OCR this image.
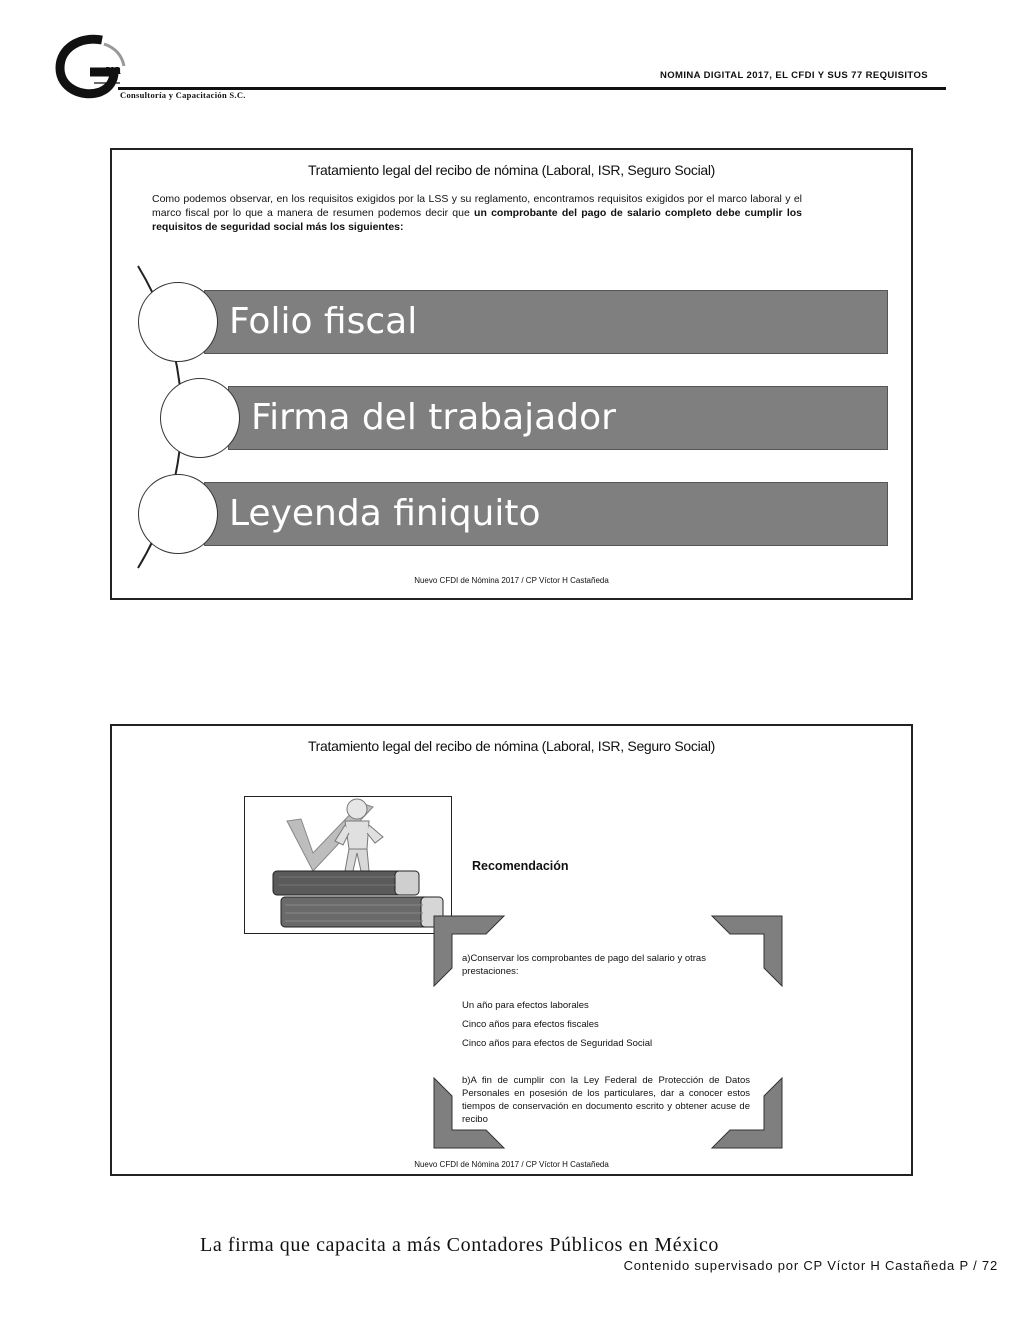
va
Consultoría y Capacitación S.C.
NOMINA DIGITAL 2017, EL CFDI Y SUS 77 REQUISITOS
Tratamiento legal del recibo de nómina (Laboral, ISR, Seguro Social)
Como podemos observar, en los requisitos exigidos por la LSS y su reglamento, encontramos requisitos exigidos por el marco laboral y el marco fiscal por lo que a manera de resumen podemos decir que un comprobante del pago de salario completo debe cumplir los requisitos de seguridad social más los siguientes:
Folio fiscal
Firma del trabajador
Leyenda finiquito
Nuevo CFDI de Nómina 2017 / CP Víctor H Castañeda
Tratamiento legal del recibo de nómina (Laboral, ISR, Seguro Social)
Recomendación
a)Conservar los comprobantes de pago del salario y otras prestaciones:
Un año para efectos laborales
Cinco años para efectos fiscales
Cinco años para efectos de Seguridad Social
b)A fin de cumplir con la Ley Federal de Protección de Datos Personales en posesión de los particulares, dar a conocer estos tiempos de conservación en documento escrito y obtener acuse de recibo
Nuevo CFDI de Nómina 2017 / CP Víctor H Castañeda
La firma que capacita a más Contadores Públicos en México
Contenido supervisado por CP Víctor H Castañeda P / 72
